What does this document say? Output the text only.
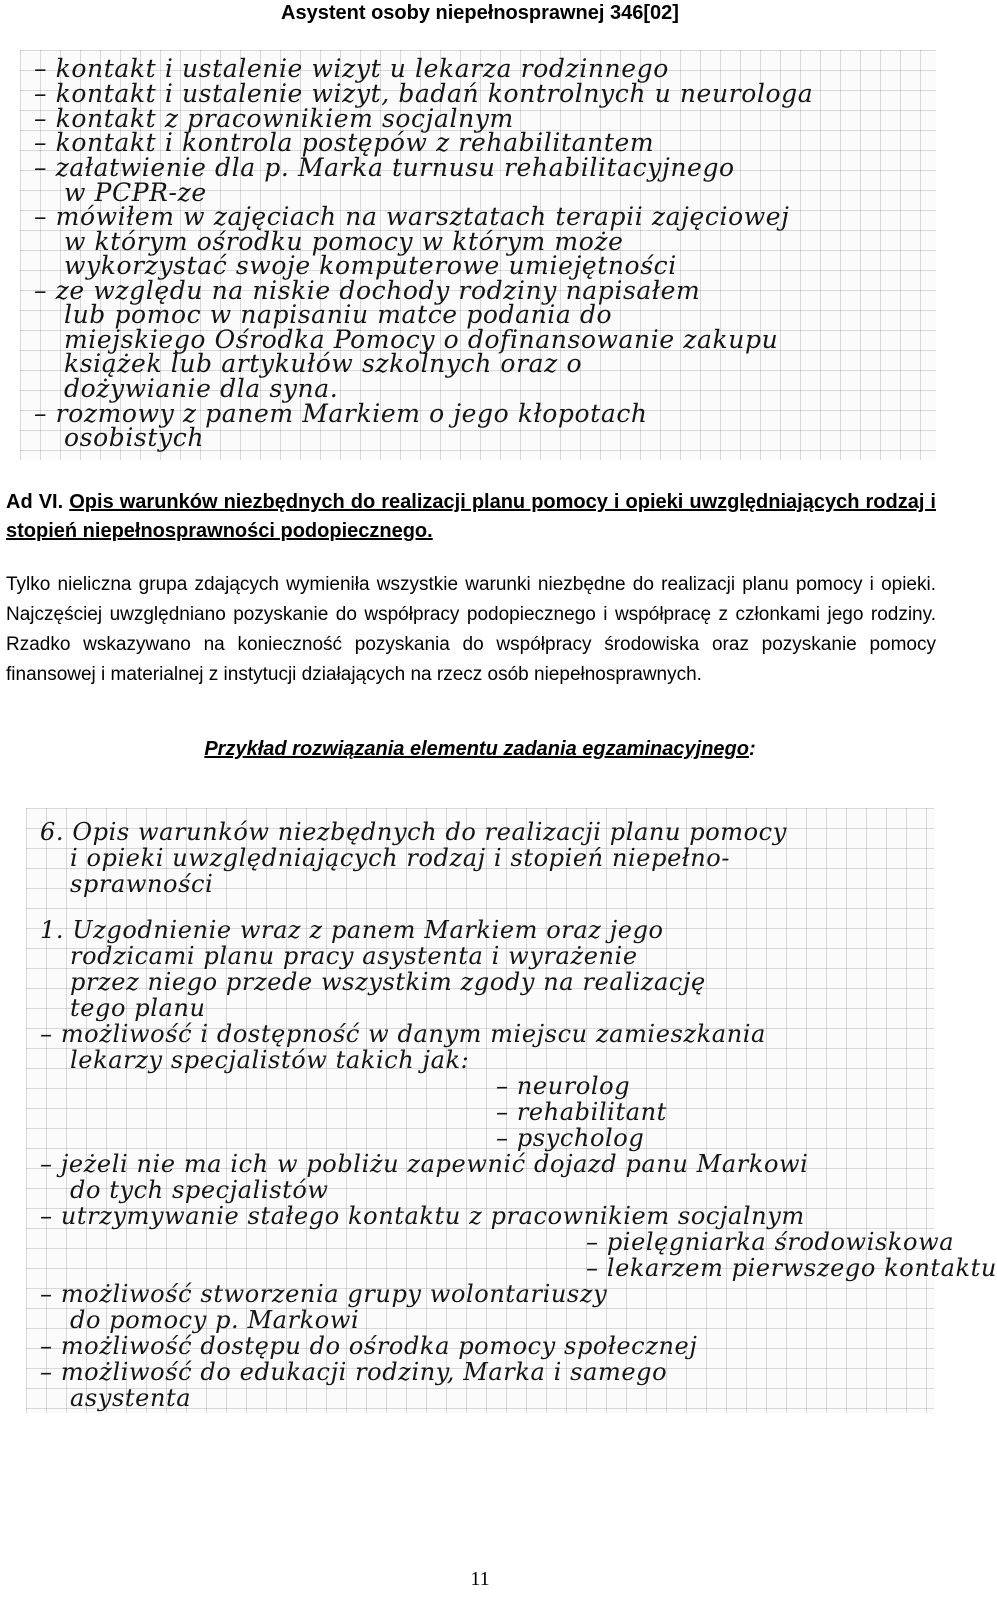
Asystent osoby niepełnosprawnej 346[02]

– kontakt i ustalenie wizyt u lekarza rodzinnego

– kontakt i ustalenie wizyt, badań kontrolnych u neurologa

– kontakt z pracownikiem socjalnym

– kontakt i kontrola postępów z rehabilitantem

– załatwienie dla p. Marka turnusu rehabilitacyjnego

w PCPR-ze

– mówiłem w zajęciach na warsztatach terapii zajęciowej

w którym ośrodku pomocy w którym może

wykorzystać swoje komputerowe umiejętności

– ze względu na niskie dochody rodziny napisałem

lub pomoc w napisaniu matce podania do

miejskiego Ośrodka Pomocy o dofinansowanie zakupu

książek lub artykułów szkolnych oraz o

dożywianie dla syna.

– rozmowy z panem Markiem o jego kłopotach

osobistych

Ad VI. Opis warunków niezbędnych do realizacji planu pomocy i opieki uwzględniających rodzaj i stopień niepełnosprawności podopiecznego.

Tylko nieliczna grupa zdających wymieniła wszystkie warunki niezbędne do realizacji planu pomocy i opieki. Najczęściej uwzględniano pozyskanie do współpracy podopiecznego i współpracę z członkami jego rodziny. Rzadko wskazywano na konieczność pozyskania do współpracy środowiska oraz pozyskanie pomocy finansowej i materialnej z instytucji działających na rzecz osób niepełnosprawnych.

Przykład rozwiązania elementu zadania egzaminacyjnego:

6. Opis warunków niezbędnych do realizacji planu pomocy

i opieki uwzględniających rodzaj i stopień niepełno-

sprawności

1. Uzgodnienie wraz z panem Markiem oraz jego

rodzicami planu pracy asystenta i wyrażenie

przez niego przede wszystkim zgody na realizację

tego planu

– możliwość i dostępność w danym miejscu zamieszkania

lekarzy specjalistów takich jak:

– neurolog

– rehabilitant

– psycholog

– jeżeli nie ma ich w pobliżu zapewnić dojazd panu Markowi

do tych specjalistów

– utrzymywanie stałego kontaktu z pracownikiem socjalnym

– pielęgniarka środowiskowa

– lekarzem pierwszego kontaktu

– możliwość stworzenia grupy wolontariuszy

do pomocy p. Markowi

– możliwość dostępu do ośrodka pomocy społecznej

– możliwość do edukacji rodziny, Marka i samego

asystenta

11
